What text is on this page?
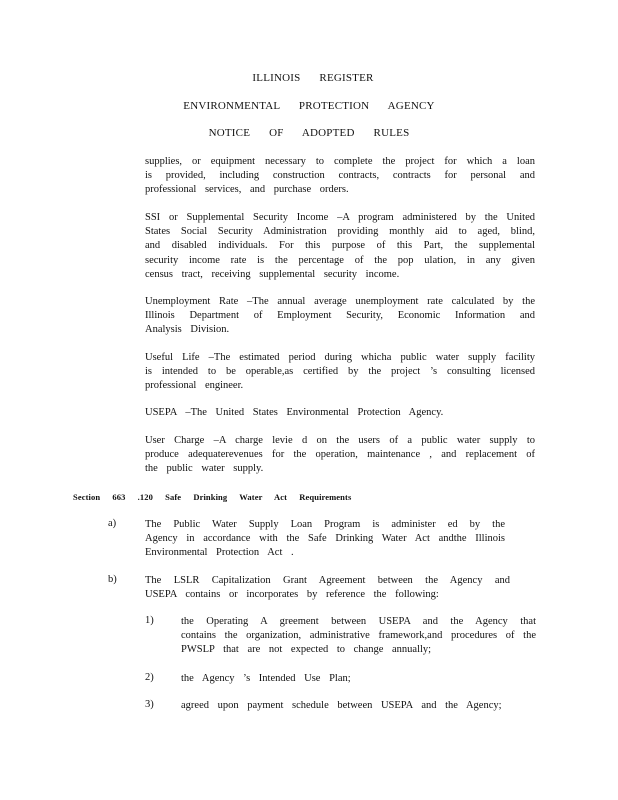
ILLINOIS REGISTER
ENVIRONMENTAL PROTECTION AGENCY
NOTICE OF ADOPTED RULES
supplies, or equipment necessary to complete the project for which a loan is provided, including construction contracts, contracts for personal and professional services, and purchase orders.
SSI or Supplemental Security Income –A program administered by the United States Social Security Administration providing monthly aid to aged, blind, and disabled individuals. For this purpose of this Part, the supplemental security income rate is the percentage of the pop ulation, in any given census tract, receiving supplemental security income.
Unemployment Rate –The annual average unemployment rate calculated by the Illinois Department of Employment Security, Economic Information and Analysis Division.
Useful Life –The estimated period during whicha public water supply facility is intended to be operable,as certified by the project ’s consulting licensed professional engineer.
USEPA –The United States Environmental Protection Agency.
User Charge –A charge levie d on the users of a public water supply to produce adequaterevenues for the operation, maintenance , and replacement of the public water supply.
Section 663 .120 Safe Drinking Water Act Requirements
a)	The Public Water Supply Loan Program is administer ed by the Agency in accordance with the Safe Drinking Water Act andthe Illinois Environmental Protection Act .
b)	The LSLR Capitalization Grant Agreement between the Agency and USEPA contains or incorporates by reference the following:
1)	the Operating A greement between USEPA and the Agency that contains the organization, administrative framework,and procedures of the PWSLP that are not expected to change annually;
2)	the Agency ’s Intended Use Plan;
3)	agreed upon payment schedule between USEPA and the Agency;
